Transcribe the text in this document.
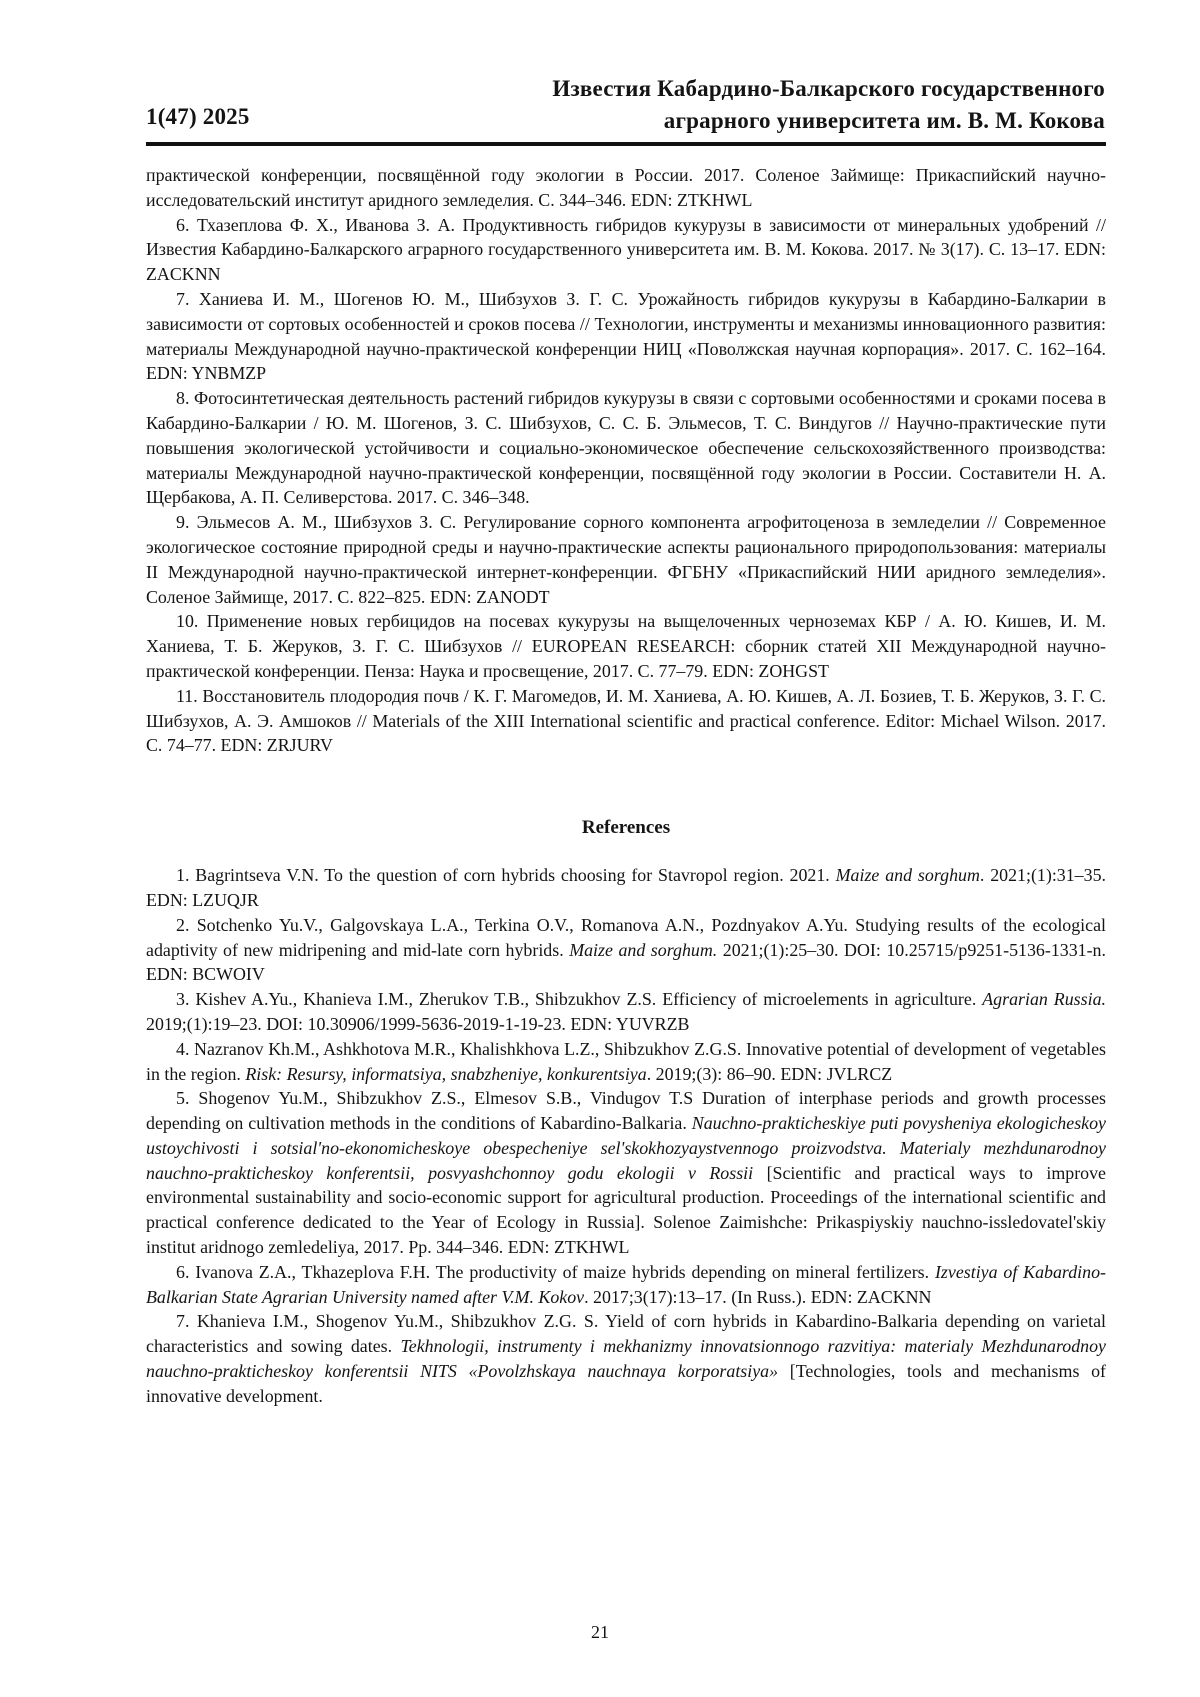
1(47) 2025
Известия Кабардино-Балкарского государственного
аграрного университета им. В. М. Кокова

практической конференции, посвящённой году экологии в России. 2017. Соленое Займище: Прикаспийский научно-исследовательский институт аридного земледелия. С. 344–346. EDN: ZTKHWL

6. Тхазеплова Ф. Х., Иванова З. А. Продуктивность гибридов кукурузы в зависимости от минеральных удобрений // Известия Кабардино-Балкарского аграрного государственного университета им. В. М. Кокова. 2017. № 3(17). С. 13–17. EDN: ZACKNN

7. Ханиева И. М., Шогенов Ю. М., Шибзухов З. Г. С. Урожайность гибридов кукурузы в Кабардино-Балкарии в зависимости от сортовых особенностей и сроков посева // Технологии, инструменты и механизмы инновационного развития: материалы Международной научно-практической конференции НИЦ «Поволжская научная корпорация». 2017. С. 162–164. EDN: YNBMZP

8. Фотосинтетическая деятельность растений гибридов кукурузы в связи с сортовыми особенностями и сроками посева в Кабардино-Балкарии / Ю. М. Шогенов, З. С. Шибзухов, С. С. Б. Эльмесов, Т. С. Виндугов // Научно-практические пути повышения экологической устойчивости и социально-экономическое обеспечение сельскохозяйственного производства: материалы Международной научно-практической конференции, посвящённой году экологии в России. Составители Н. А. Щербакова, А. П. Селиверстова. 2017. С. 346–348.

9. Эльмесов А. М., Шибзухов З. С. Регулирование сорного компонента агрофитоценоза в земледелии // Современное экологическое состояние природной среды и научно-практические аспекты рационального природопользования: материалы II Международной научно-практической интернет-конференции. ФГБНУ «Прикаспийский НИИ аридного земледелия». Соленое Займище, 2017. С. 822–825. EDN: ZANODT

10. Применение новых гербицидов на посевах кукурузы на выщелоченных черноземах КБР / А. Ю. Кишев, И. М. Ханиева, Т. Б. Жеруков, З. Г. С. Шибзухов // EUROPEAN RESEARCH: сборник статей XII Международной научно-практической конференции. Пенза: Наука и просвещение, 2017. С. 77–79. EDN: ZOHGST

11. Восстановитель плодородия почв / К. Г. Магомедов, И. М. Ханиева, А. Ю. Кишев, А. Л. Бозиев, Т. Б. Жеруков, З. Г. С. Шибзухов, А. Э. Амшоков // Materials of the XIII International scientific and practical conference. Editor: Michael Wilson. 2017. С. 74–77. EDN: ZRJURV

References

1. Bagrintseva V.N. To the question of corn hybrids choosing for Stavropol region. 2021. Maize and sorghum. 2021;(1):31–35. EDN: LZUQJR

2. Sotchenko Yu.V., Galgovskaya L.A., Terkina O.V., Romanova A.N., Pozdnyakov A.Yu. Studying results of the ecological adaptivity of new midripening and mid-late corn hybrids. Maize and sorghum. 2021;(1):25–30. DOI: 10.25715/p9251-5136-1331-n. EDN: BCWOIV

3. Kishev A.Yu., Khanieva I.M., Zherukov T.B., Shibzukhov Z.S. Efficiency of microelements in agriculture. Agrarian Russia. 2019;(1):19–23. DOI: 10.30906/1999-5636-2019-1-19-23. EDN: YUVRZB

4. Nazranov Kh.M., Ashkhotova M.R., Khalishkhova L.Z., Shibzukhov Z.G.S. Innovative potential of development of vegetables in the region. Risk: Resursy, informatsiya, snabzheniye, konkurentsiya. 2019;(3): 86–90. EDN: JVLRCZ

5. Shogenov Yu.M., Shibzukhov Z.S., Elmesov S.B., Vindugov T.S Duration of interphase periods and growth processes depending on cultivation methods in the conditions of Kabardino-Balkaria. Nauchno-prakticheskiye puti povysheniya ekologicheskoy ustoychivosti i sotsial'no-ekonomicheskoye obespecheniye sel'skokhozyaystvennogo proizvodstva. Materialy mezhdunarodnoy nauchno-prakticheskoy konferentsii, posvyashchonnoy godu ekologii v Rossii [Scientific and practical ways to improve environmental sustainability and socio-economic support for agricultural production. Proceedings of the international scientific and practical conference dedicated to the Year of Ecology in Russia]. Solenoe Zaimishche: Prikaspiyskiy nauchno-issledovatel'skiy institut aridnogo zemledeliya, 2017. Pp. 344–346. EDN: ZTKHWL

6. Ivanova Z.A., Tkhazeplova F.H. The productivity of maize hybrids depending on mineral fertilizers. Izvestiya of Kabardino-Balkarian State Agrarian University named after V.M. Kokov. 2017;3(17):13–17. (In Russ.). EDN: ZACKNN

7. Khanieva I.M., Shogenov Yu.M., Shibzukhov Z.G. S. Yield of corn hybrids in Kabardino-Balkaria depending on varietal characteristics and sowing dates. Tekhnologii, instrumenty i mekhanizmy innovatsionnogo razvitiya: materialy Mezhdunarodnoy nauchno-prakticheskoy konferentsii NITS «Povolzhskaya nauchnaya korporatsiya» [Technologies, tools and mechanisms of innovative development.

21
